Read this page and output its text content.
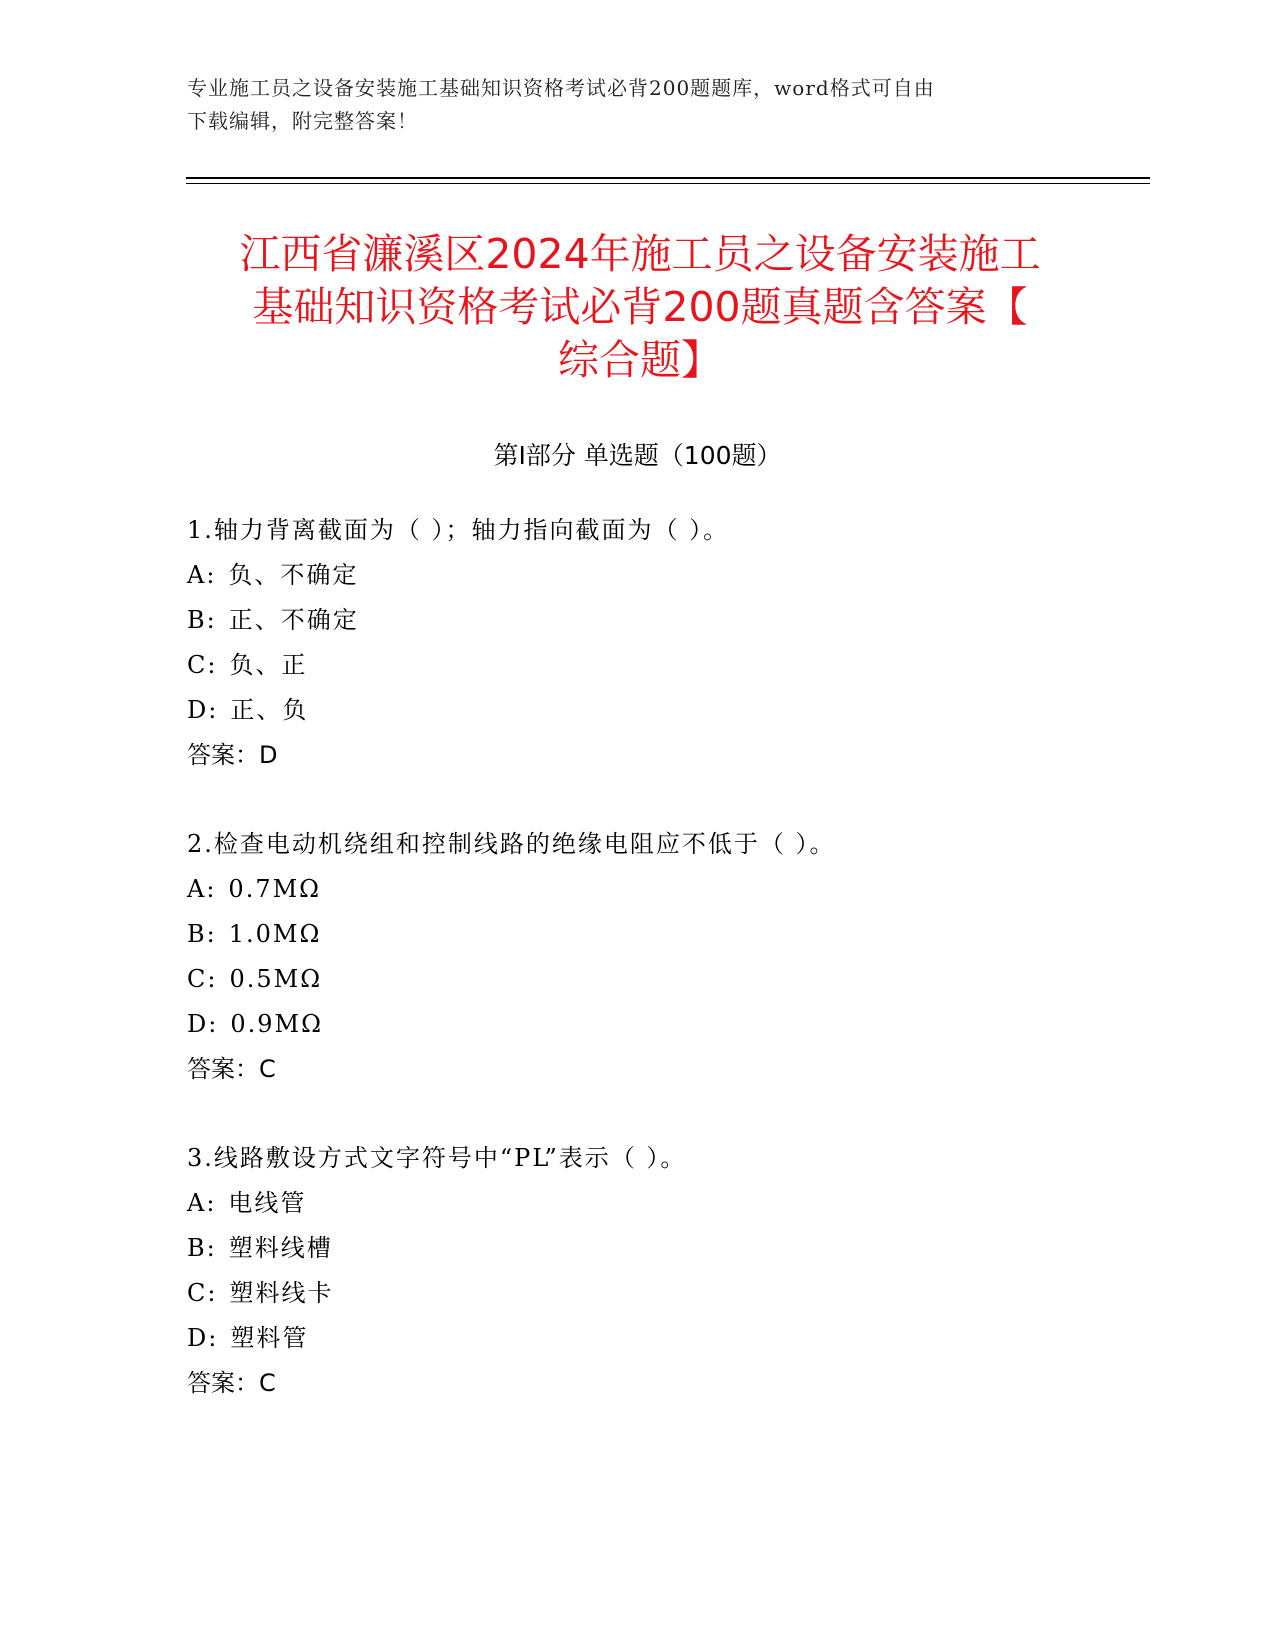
专业施工员之设备安装施工基础知识资格考试必背200题题库，word格式可自由
下载编辑，附完整答案！
江西省濂溪区2024年施工员之设备安装施工
基础知识资格考试必背200题真题含答案【
综合题】
第I部分 单选题（100题）
1.轴力背离截面为（ ）；轴力指向截面为（ ）。
A: 负、不确定
B: 正、不确定
C: 负、正
D: 正、负
答案：D
2.检查电动机绕组和控制线路的绝缘电阻应不低于（ ）。
A: 0.7MΩ
B: 1.0MΩ
C: 0.5MΩ
D: 0.9MΩ
答案：C
3.线路敷设方式文字符号中“PL”表示（ ）。
A: 电线管
B: 塑料线槽
C: 塑料线卡
D: 塑料管
答案：C
